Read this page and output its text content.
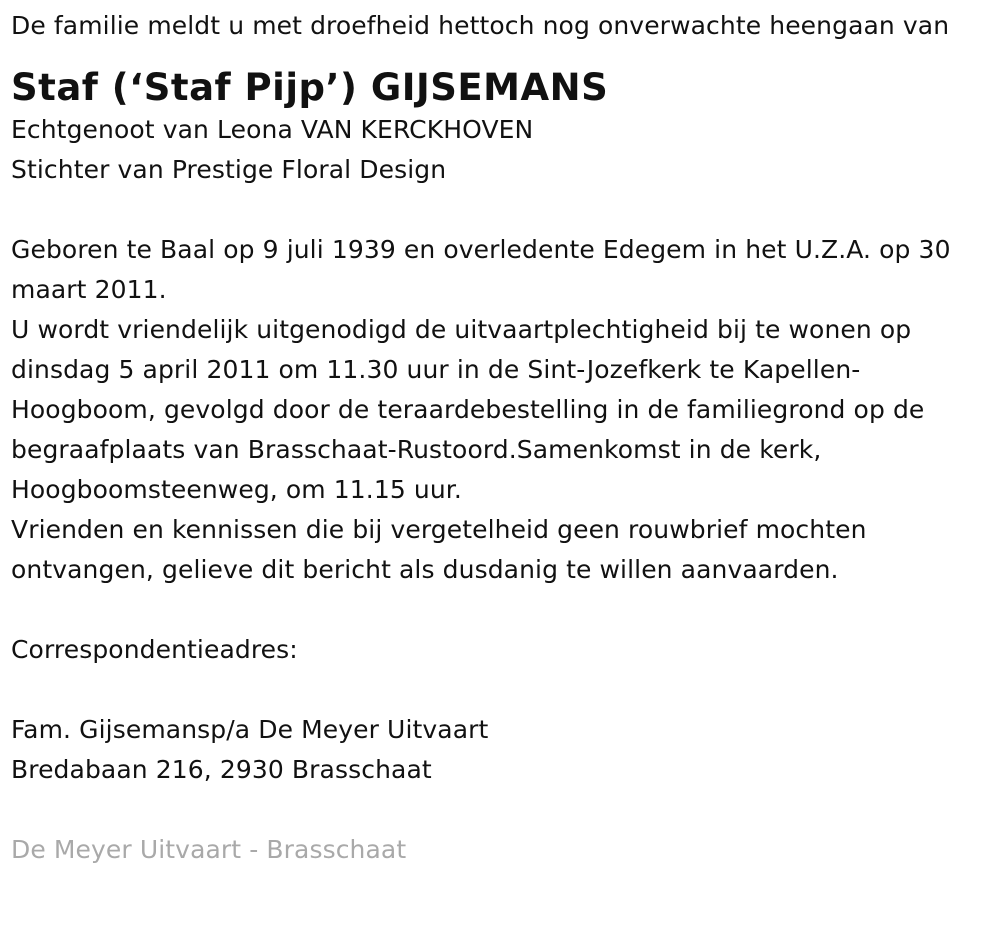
De familie meldt u met droefheid hettoch nog onverwachte heengaan van

Staf (‘Staf Pijp’) GIJSEMANS

Echtgenoot van Leona VAN KERCKHOVEN

Stichter van Prestige Floral Design

Geboren te Baal op 9 juli 1939 en overledente Edegem in het U.Z.A. op 30 maart 2011.

U wordt vriendelijk uitgenodigd de uitvaartplechtigheid bij te wonen op dinsdag 5 april 2011 om 11.30 uur in de Sint-Jozefkerk te Kapellen-Hoogboom, gevolgd door de teraardebestelling in de familiegrond op de begraafplaats van Brasschaat-Rustoord.Samenkomst in de kerk, Hoogboomsteenweg, om 11.15 uur.

Vrienden en kennissen die bij vergetelheid geen rouwbrief mochten ontvangen, gelieve dit bericht als dusdanig te willen aanvaarden.

Correspondentieadres:

Fam. Gijsemansp/a De Meyer Uitvaart

Bredabaan 216, 2930 Brasschaat

De Meyer Uitvaart - Brasschaat
